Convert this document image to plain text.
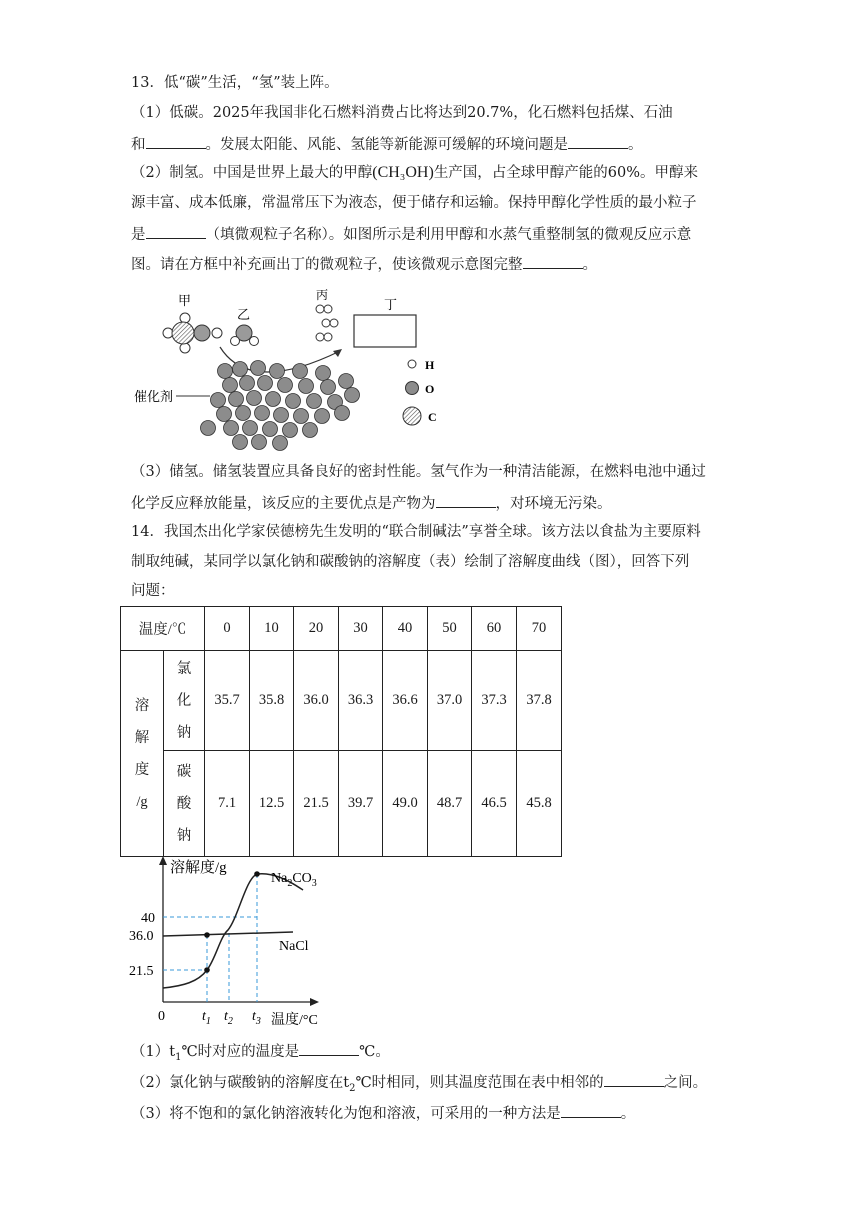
13．低“碳”生活，“氢”装上阵。
（1）低碳。2025年我国非化石燃料消费占比将达到20.7%，化石燃料包括煤、石油
和	。发展太阳能、风能、氢能等新能源可缓解的环境问题是	。
（2）制氢。中国是世界上最大的甲醇(CH₃OH)生产国，占全球甲醇产能的60%。甲醇来
源丰富、成本低廉，常温常压下为液态，便于储存和运输。保持甲醇化学性质的最小粒子
是	（填微观粒子名称）。如图所示是利用甲醇和水蒸气重整制氢的微观反应示意
图。请在方框中补充画出丁的微观粒子，使该微观示意图完整	。
甲
乙
丙
丁
催化剂
H
O
C
（3）储氢。储氢装置应具备良好的密封性能。氢气作为一种清洁能源，在燃料电池中通过
化学反应释放能量，该反应的主要优点是产物为	，对环境无污染。
14．我国杰出化学家侯德榜先生发明的“联合制碱法”享誉全球。该方法以食盐为主要原料
制取纯碱，某同学以氯化钠和碳酸钠的溶解度（表）绘制了溶解度曲线（图），回答下列
问题：
温度/℃		0	10	20	30	40	50	60	70

溶
解
度
/g	氯
化
钠	35.7	35.8	36.0	36.3	36.6	37.0	37.3	37.8

	碳
酸
钠	7.1	12.5	21.5	39.7	49.0	48.7	46.5	45.8
溶解度/g
温度/°C
0
40
36.0
21.5
$t_1$ $t_2$ $t_3$
$Na_2CO_3$
NaCl
$(1)t_1℃$时对应的温度是	℃。
（2）氯化钠与碳酸钠的溶解度在$t_2℃$时相同，则其温度范围在表中相邻的	之间。
（3）将不饱和的氯化钠溶液转化为饱和溶液，可采用的一种方法是	。
